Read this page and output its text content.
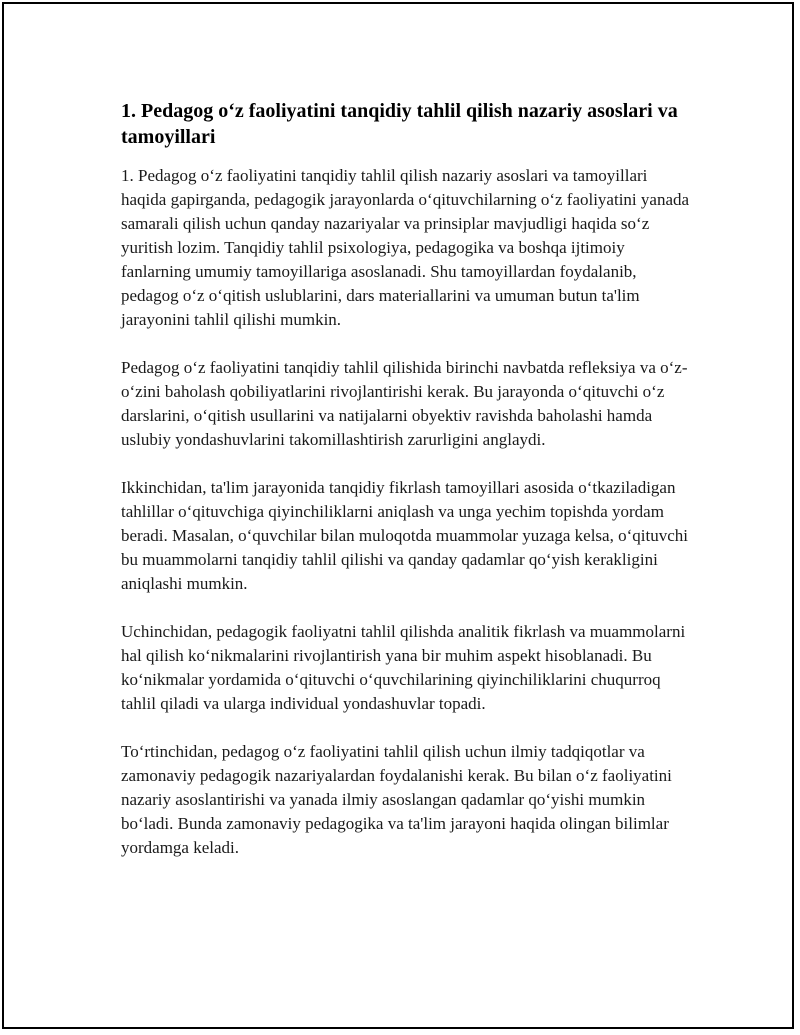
1. Pedagog o‘z faoliyatini tanqidiy tahlil qilish nazariy asoslari va tamoyillari

1. Pedagog o‘z faoliyatini tanqidiy tahlil qilish nazariy asoslari va tamoyillari haqida gapirganda, pedagogik jarayonlarda o‘qituvchilarning o‘z faoliyatini yanada samarali qilish uchun qanday nazariyalar va prinsiplar mavjudligi haqida so‘z yuritish lozim. Tanqidiy tahlil psixologiya, pedagogika va boshqa ijtimoiy fanlarning umumiy tamoyillariga asoslanadi. Shu tamoyillardan foydalanib, pedagog o‘z o‘qitish uslublarini, dars materiallarini va umuman butun ta'lim jarayonini tahlil qilishi mumkin.

Pedagog o‘z faoliyatini tanqidiy tahlil qilishida birinchi navbatda refleksiya va o‘z-o‘zini baholash qobiliyatlarini rivojlantirishi kerak. Bu jarayonda o‘qituvchi o‘z darslarini, o‘qitish usullarini va natijalarni obyektiv ravishda baholashi hamda uslubiy yondashuvlarini takomillashtirish zarurligini anglaydi.

Ikkinchidan, ta'lim jarayonida tanqidiy fikrlash tamoyillari asosida o‘tkaziladigan tahlillar o‘qituvchiga qiyinchiliklarni aniqlash va unga yechim topishda yordam beradi. Masalan, o‘quvchilar bilan muloqotda muammolar yuzaga kelsa, o‘qituvchi bu muammolarni tanqidiy tahlil qilishi va qanday qadamlar qo‘yish kerakligini aniqlashi mumkin.

Uchinchidan, pedagogik faoliyatni tahlil qilishda analitik fikrlash va muammolarni hal qilish ko‘nikmalarini rivojlantirish yana bir muhim aspekt hisoblanadi. Bu ko‘nikmalar yordamida o‘qituvchi o‘quvchilarining qiyinchiliklarini chuqurroq tahlil qiladi va ularga individual yondashuvlar topadi.

To‘rtinchidan, pedagog o‘z faoliyatini tahlil qilish uchun ilmiy tadqiqotlar va zamonaviy pedagogik nazariyalardan foydalanishi kerak. Bu bilan o‘z faoliyatini nazariy asoslantirishi va yanada ilmiy asoslangan qadamlar qo‘yishi mumkin bo‘ladi. Bunda zamonaviy pedagogika va ta'lim jarayoni haqida olingan bilimlar yordamga keladi.
